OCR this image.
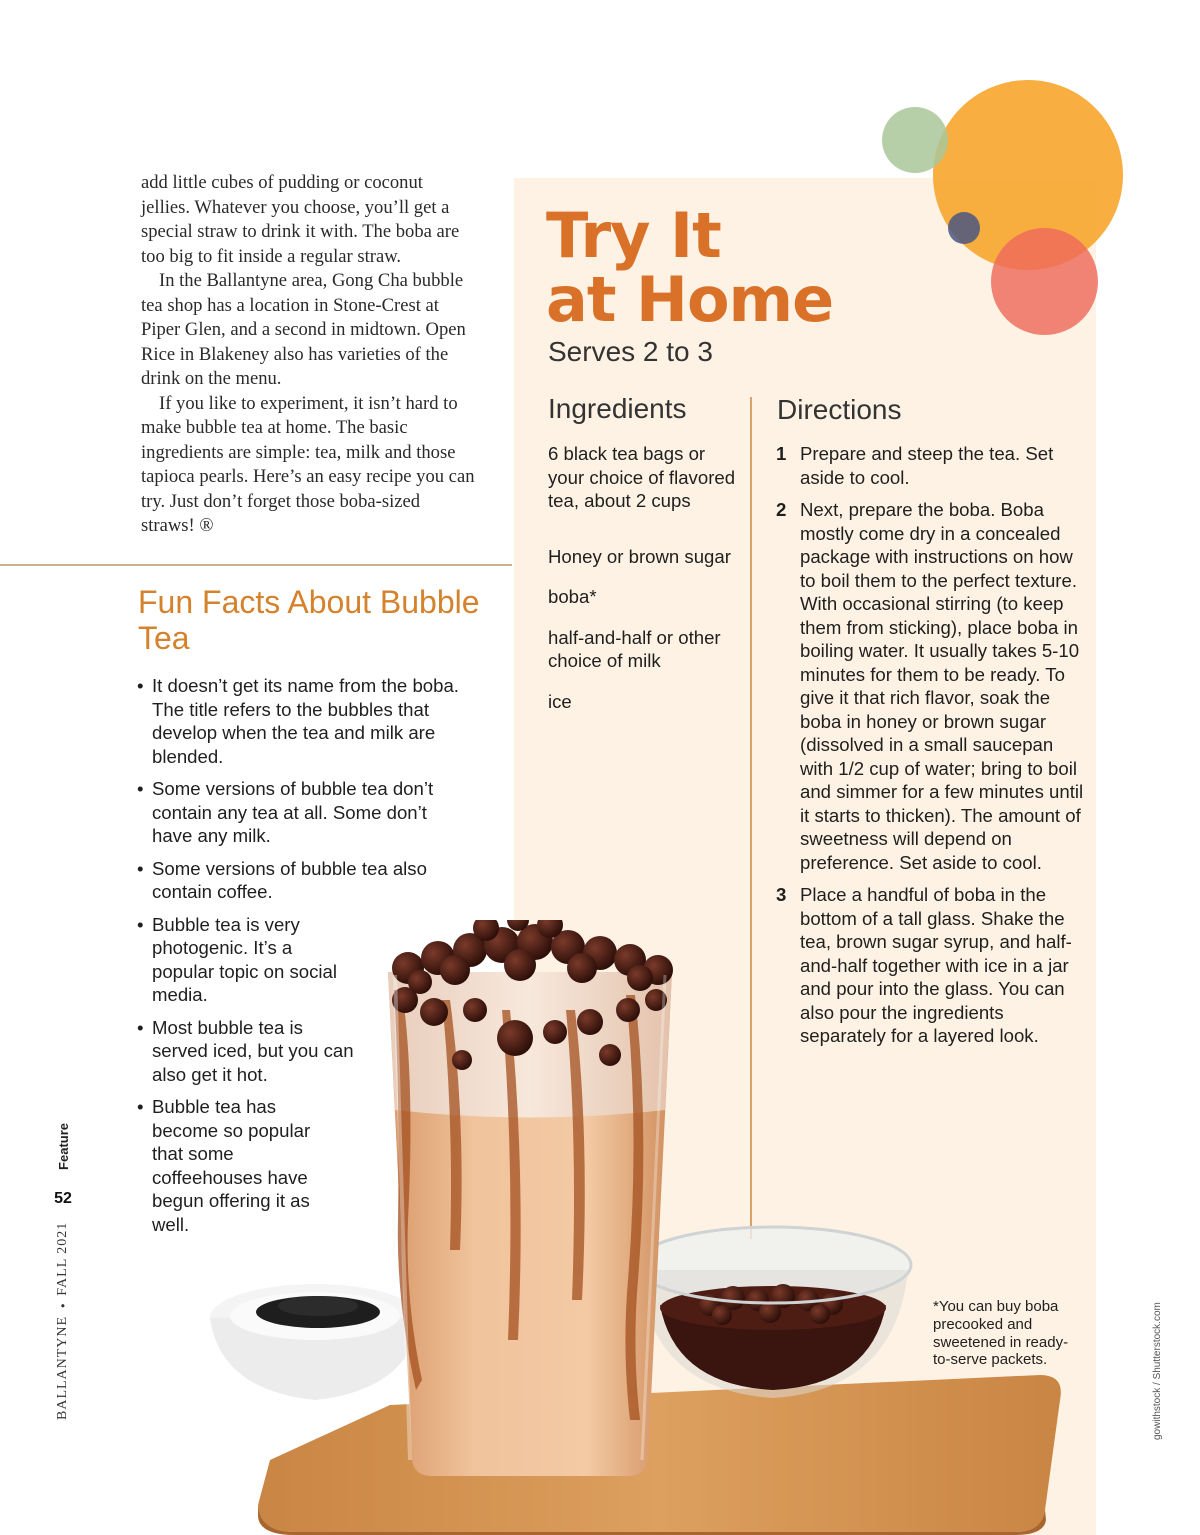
add little cubes of pudding or coconut jellies. Whatever you choose, you’ll get a special straw to drink it with. The boba are too big to fit inside a regular straw.

In the Ballantyne area, Gong Cha bubble tea shop has a location in Stone-Crest at Piper Glen, and a second in midtown. Open Rice in Blakeney also has varieties of the drink on the menu.

If you like to experiment, it isn’t hard to make bubble tea at home. The basic ingredients are simple: tea, milk and those tapioca pearls. Here’s an easy recipe you can try. Just don’t forget those boba-sized straws! ®

Fun Facts About Bubble Tea
• It doesn’t get its name from the boba. The title refers to the bubbles that develop when the tea and milk are blended.
• Some versions of bubble tea don’t contain any tea at all. Some don’t have any milk.
• Some versions of bubble tea also contain coffee.
• Bubble tea is very photogenic. It’s a popular topic on social media.
• Most bubble tea is served iced, but you can also get it hot.
• Bubble tea has become so popular that some coffeehouses have begun offering it as well.
Try It
at Home
Serves 2 to 3
Ingredients	Directions
6 black tea bags or your choice of flavored tea, about 2 cups
Honey or brown sugar
boba*
half-and-half or other choice of milk
ice
1 Prepare and steep the tea. Set aside to cool.
2 Next, prepare the boba. Boba mostly come dry in a concealed package with instructions on how to boil them to the perfect texture. With occasional stirring (to keep them from sticking), place boba in boiling water. It usually takes 5-10 minutes for them to be ready. To give it that rich flavor, soak the boba in honey or brown sugar (dissolved in a small saucepan with 1/2 cup of water; bring to boil and simmer for a few minutes until it starts to thicken). The amount of sweetness will depend on preference. Set aside to cool.
3 Place a handful of boba in the bottom of a tall glass. Shake the tea, brown sugar syrup, and half-and-half together with ice in a jar and pour into the glass. You can also pour the ingredients separately for a layered look.
*You can buy boba precooked and sweetened in ready-to-serve packets.	gowithstock / Shutterstock.com
BALLANTYNE
•
FALL 2021
52
Feature
